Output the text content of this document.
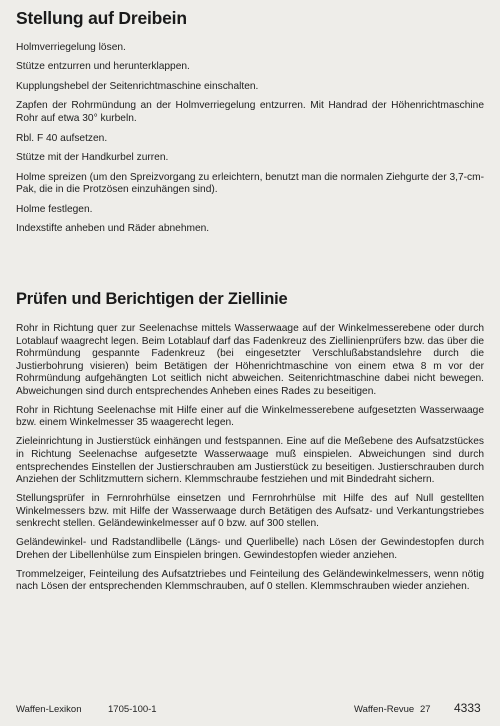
Stellung auf Dreibein

Holmverriegelung lösen.

Stütze entzurren und herunterklappen.

Kupplungshebel der Seitenrichtmaschine einschalten.

Zapfen der Rohrmündung an der Holmverriegelung entzurren. Mit Handrad der Höhenrichtmaschine Rohr auf etwa 30° kurbeln.

Rbl. F 40 aufsetzen.

Stütze mit der Handkurbel zurren.

Holme spreizen (um den Spreizvorgang zu erleichtern, benutzt man die normalen Ziehgurte der 3,7-cm-Pak, die in die Protzösen einzuhängen sind).

Holme festlegen.

Indexstifte anheben und Räder abnehmen.

Prüfen und Berichtigen der Ziellinie

Rohr in Richtung quer zur Seelenachse mittels Wasserwaage auf der Winkelmesserebene oder durch Lotablauf waagrecht legen. Beim Lotablauf darf das Fadenkreuz des Ziellinienprüfers bzw. das über die Rohrmündung gespannte Fadenkreuz (bei eingesetzter Verschlußabstandslehre durch die Justierbohrung visieren) beim Betätigen der Höhenrichtmaschine von einem etwa 8 m vor der Rohrmündung aufgehängten Lot seitlich nicht abweichen. Seitenrichtmaschine dabei nicht bewegen. Abweichungen sind durch entsprechendes Anheben eines Rades zu beseitigen.

Rohr in Richtung Seelenachse mit Hilfe einer auf die Winkelmesserebene aufgesetzten Wasserwaage bzw. einem Winkelmesser 35 waagerecht legen.

Zieleinrichtung in Justierstück einhängen und festspannen. Eine auf die Meßebene des Aufsatzstückes in Richtung Seelenachse aufgesetzte Wasserwaage muß einspielen. Abweichungen sind durch entsprechendes Einstellen der Justierschrauben am Justierstück zu beseitigen. Justierschrauben durch Anziehen der Schlitzmuttern sichern. Klemmschraube festziehen und mit Bindedraht sichern.

Stellungsprüfer in Fernrohrhülse einsetzen und Fernrohrhülse mit Hilfe des auf Null gestellten Winkelmessers bzw. mit Hilfe der Wasserwaage durch Betätigen des Aufsatz- und Verkantungstriebes senkrecht stellen. Geländewinkelmesser auf 0 bzw. auf 300 stellen.

Geländewinkel- und Radstandlibelle (Längs- und Querlibelle) nach Lösen der Gewindestopfen durch Drehen der Libellenhülse zum Einspielen bringen. Gewindestopfen wieder anziehen.

Trommelzeiger, Feinteilung des Aufsatztriebes und Feinteilung des Geländewinkelmessers, wenn nötig nach Lösen der entsprechenden Klemmschrauben, auf 0 stellen. Klemmschrauben wieder anziehen.

Waffen-Lexikon	1705-100-1	Waffen-Revue 27 4333
